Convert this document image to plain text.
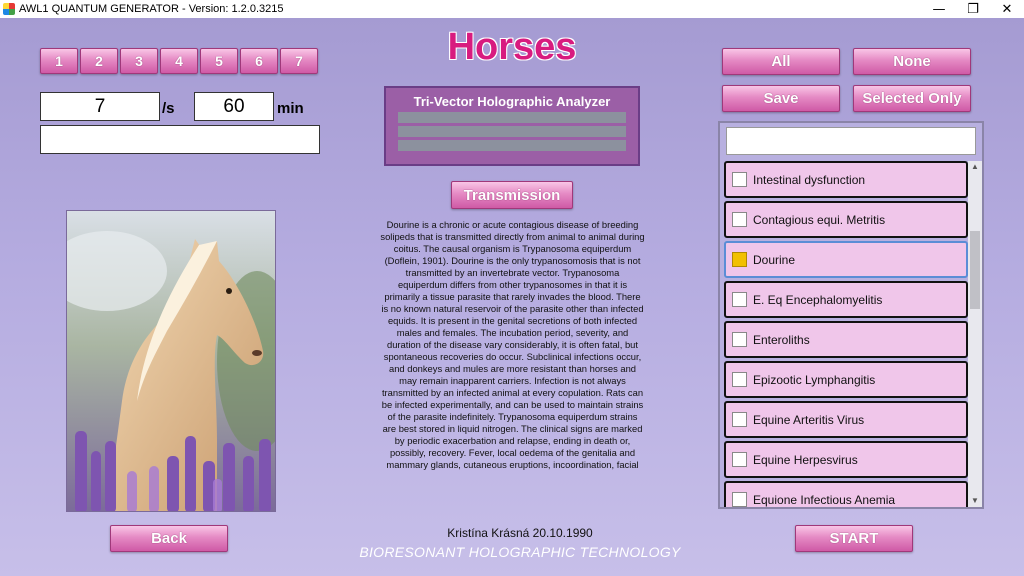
AWL1 QUANTUM GENERATOR - Version: 1.2.0.3215	—	❐	✕
1	2	3	4	5	6	7
7	/s	60	min
Horses
Tri-Vector Holographic Analyzer
Transmission
Dourine is a chronic or acute contagious disease of breeding solipeds that is transmitted directly from animal to animal during coitus. The causal organism is Trypanosoma equiperdum (Doflein, 1901). Dourine is the only trypanosomosis that is not transmitted by an invertebrate vector. Trypanosoma equiperdum differs from other trypanosomes in that it is primarily a tissue parasite that rarely invades the blood. There is no known natural reservoir of the parasite other than infected equids. It is present in the genital secretions of both infected males and females. The incubation period, severity, and duration of the disease vary considerably, it is often fatal, but spontaneous recoveries do occur. Subclinical infections occur, and donkeys and mules are more resistant than horses and may remain inapparent carriers. Infection is not always transmitted by an infected animal at every copulation. Rats can be infected experimentally, and can be used to maintain strains of the parasite indefinitely. Trypanosoma equiperdum strains are best stored in liquid nitrogen. The clinical signs are marked by periodic exacerbation and relapse, ending in death or, possibly, recovery. Fever, local oedema of the genitalia and mammary glands, cutaneous eruptions, incoordination, facial
Kristína Krásná 20.10.1990
BIORESONANT HOLOGRAPHIC TECHNOLOGY
Back	START
All	None
Save	Selected Only
Intestinal dysfunction
Contagious equi. Metritis
Dourine
E. Eq Encephalomyelitis
Enteroliths
Epizootic Lymphangitis
Equine Arteritis Virus
Equine Herpesvirus
Equione Infectious Anemia
▲
▼
